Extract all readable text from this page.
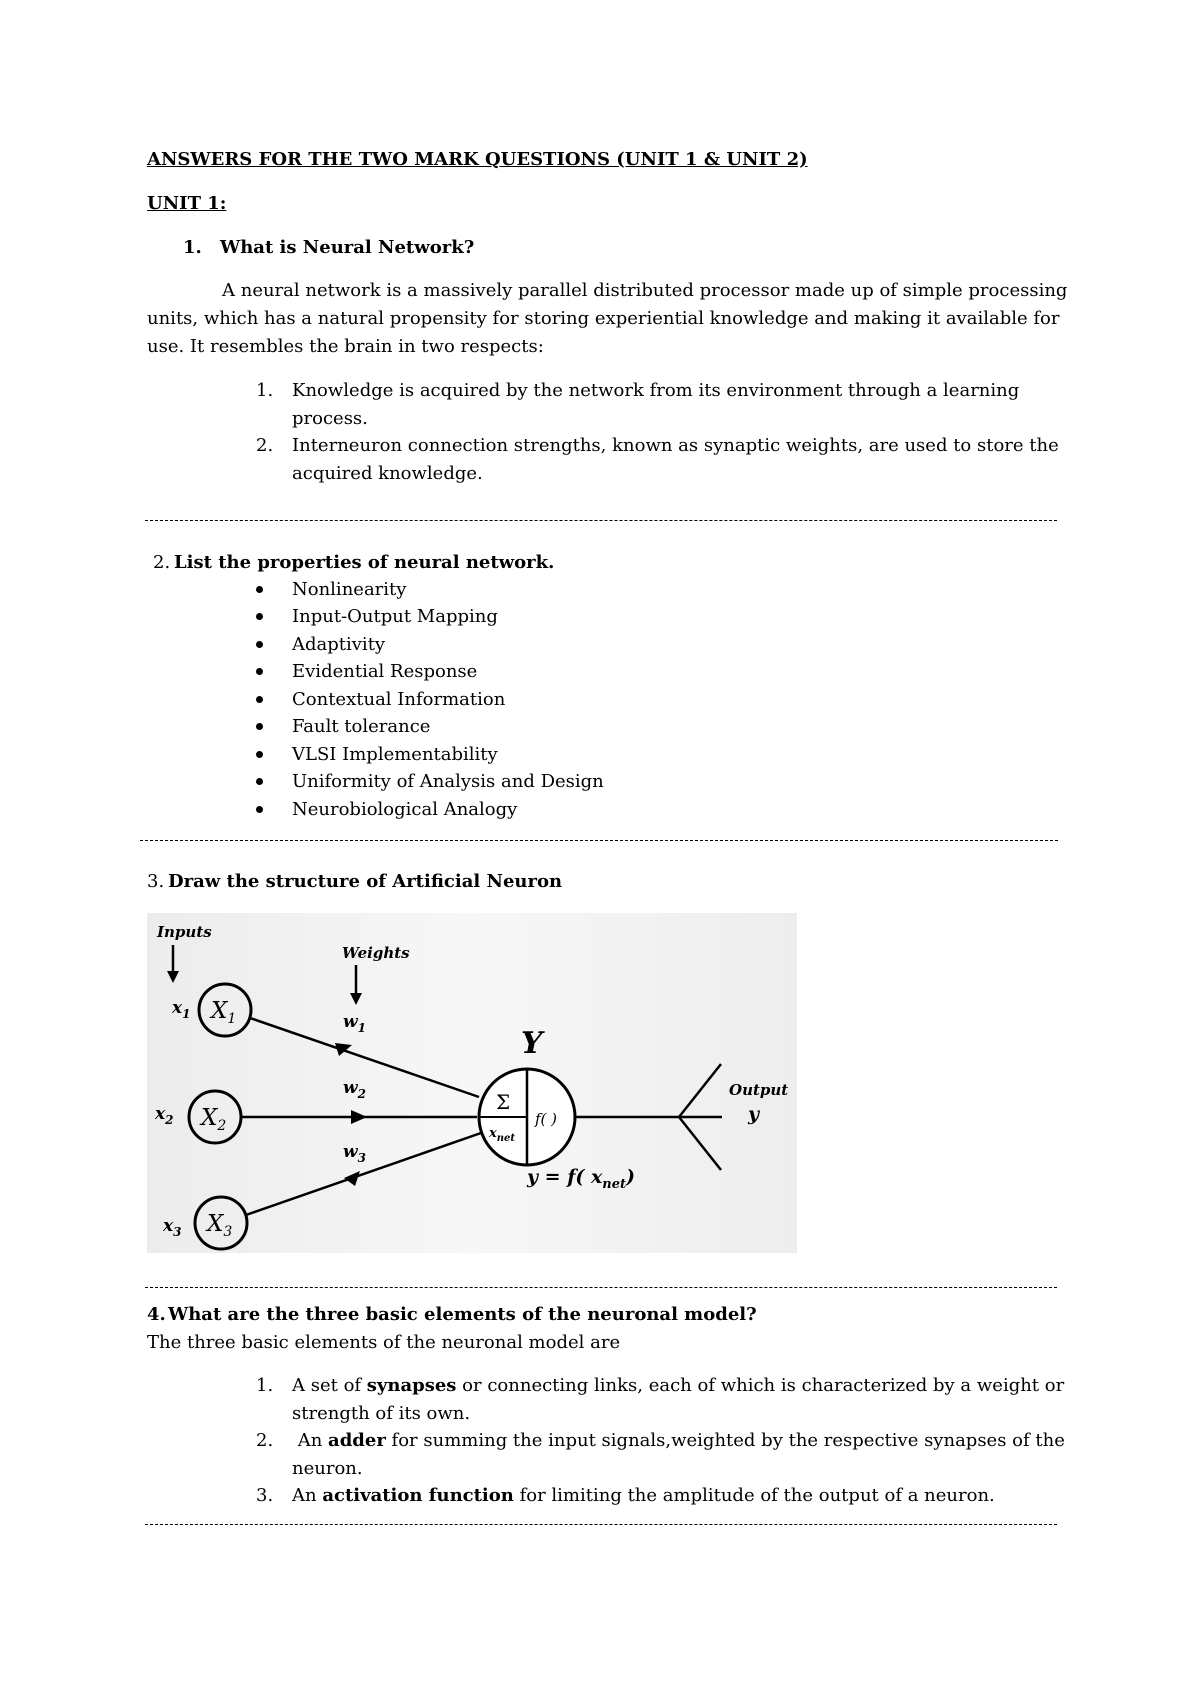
ANSWERS FOR THE TWO MARK QUESTIONS (UNIT 1 & UNIT 2)
UNIT 1:
1. What is Neural Network?
A neural network is a massively parallel distributed processor made up of simple processing
units, which has a natural propensity for storing experiential knowledge and making it available for
use. It resembles the brain in two respects:
1. Knowledge is acquired by the network from its environment through a learning
process.
2. Interneuron connection strengths, known as synaptic weights, are used to store the
acquired knowledge.
2. List the properties of neural network.
Nonlinearity
Input-Output Mapping
Adaptivity
Evidential Response
Contextual Information
Fault tolerance
VLSI Implementability
Uniformity of Analysis and Design
Neurobiological Analogy
3. Draw the structure of Artificial Neuron
Inputs
Weights
$x_1$ $X_1$
$x_2$ $X_2$
$x_3$ $X_3$
$w_1$
$w_2$
$w_3$
Y
Σ
$x_{net}$
f( )
Output
y
y = f( $x_{net}$)
4. What are the three basic elements of the neuronal model?
The three basic elements of the neuronal model are
1. A set of synapses or connecting links, each of which is characterized by a weight or
strength of its own.
2. An adder for summing the input signals,weighted by the respective synapses of the
neuron.
3. An activation function for limiting the amplitude of the output of a neuron.
